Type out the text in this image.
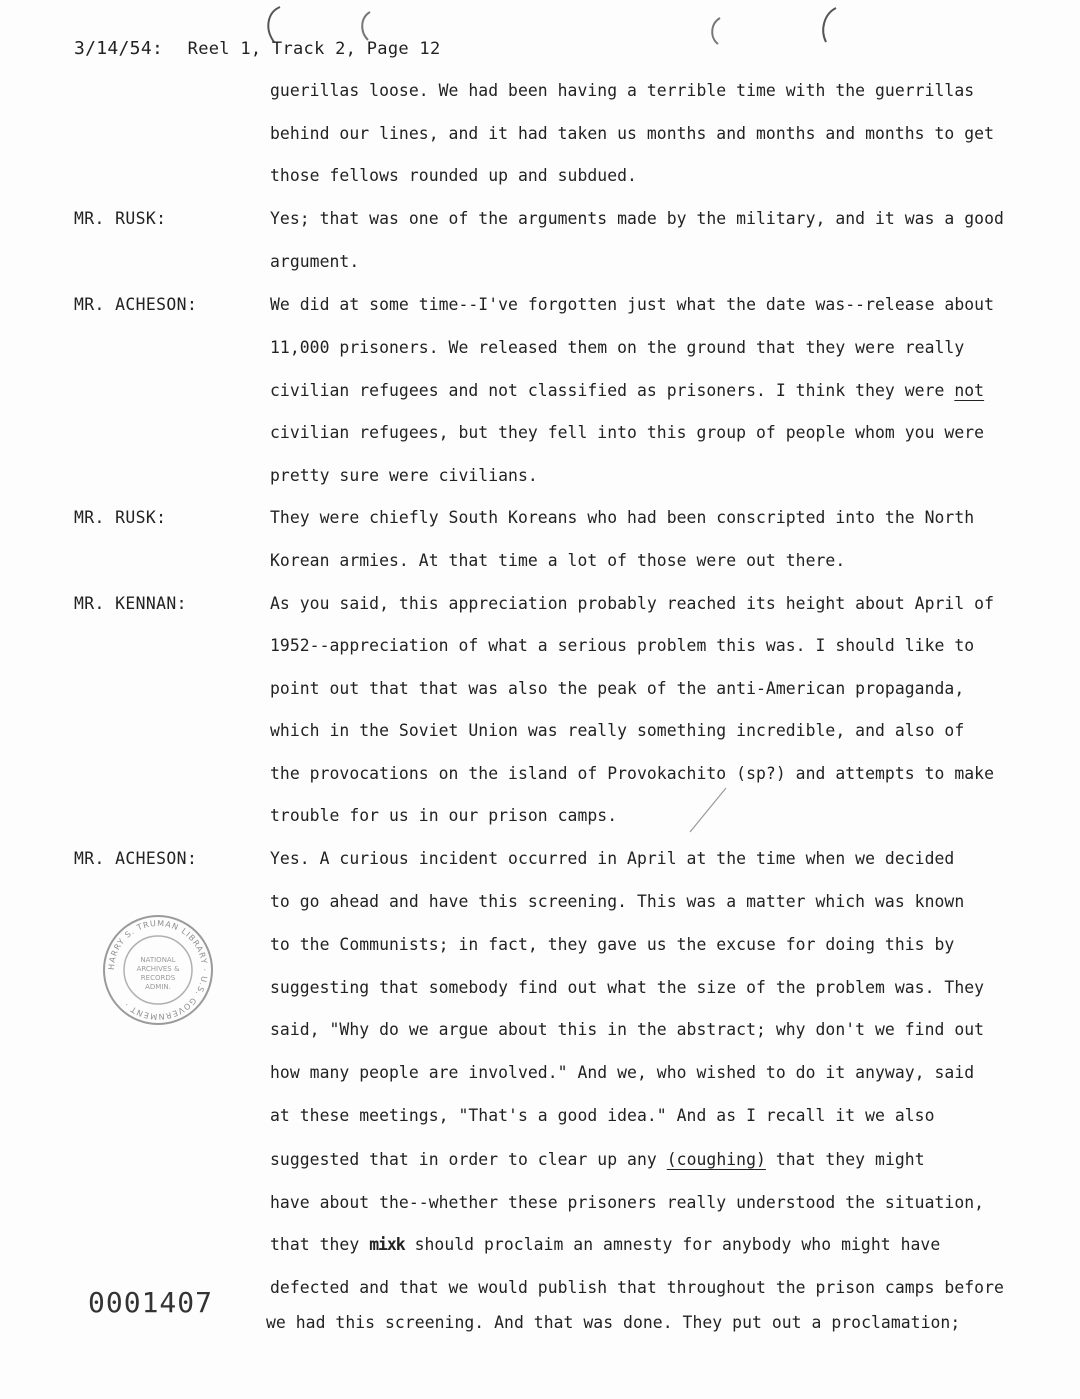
3/14/54: Reel 1, Track 2, Page 12
MR. RUSK:
MR. ACHESON:
MR. RUSK:
MR. KENNAN:
MR. ACHESON:
guerillas loose. We had been having a terrible time with the guerrillas
behind our lines, and it had taken us months and months and months to get
those fellows rounded up and subdued.
Yes; that was one of the arguments made by the military, and it was a good
argument.
We did at some time--I've forgotten just what the date was--release about
11,000 prisoners. We released them on the ground that they were really
civilian refugees and not classified as prisoners. I think they were not
civilian refugees, but they fell into this group of people whom you were
pretty sure were civilians.
They were chiefly South Koreans who had been conscripted into the North
Korean armies. At that time a lot of those were out there.
As you said, this appreciation probably reached its height about April of
1952--appreciation of what a serious problem this was. I should like to
point out that that was also the peak of the anti-American propaganda,
which in the Soviet Union was really something incredible, and also of
the provocations on the island of Provokachito (sp?) and attempts to make
trouble for us in our prison camps.
Yes. A curious incident occurred in April at the time when we decided
to go ahead and have this screening. This was a matter which was known
to the Communists; in fact, they gave us the excuse for doing this by
suggesting that somebody find out what the size of the problem was. They
said, "Why do we argue about this in the abstract; why don't we find out
how many people are involved." And we, who wished to do it anyway, said
at these meetings, "That's a good idea." And as I recall it we also
suggested that in order to clear up any (coughing) that they might
have about the--whether these prisoners really understood the situation,
that they mixk should proclaim an amnesty for anybody who might have
defected and that we would publish that throughout the prison camps before
we had this screening. And that was done. They put out a proclamation;
HARRY S. TRUMAN LIBRARY · U.S. GOVERNMENT ·
NATIONAL
ARCHIVES &
RECORDS
ADMIN.
0001407
